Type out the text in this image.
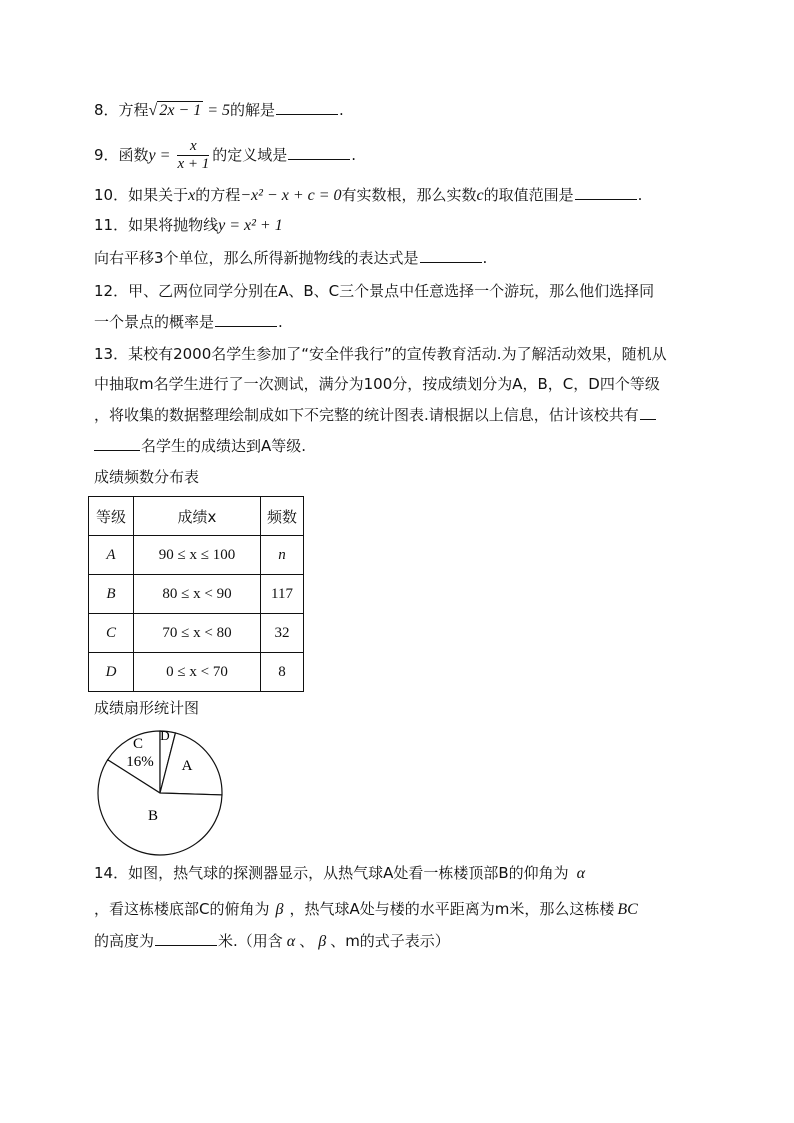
8．方程√ 2x − 1 = 5的解是	.
9．函数$y = \frac{x}{x + 1}$ 的定义域是	.
10．如果关于x的方程−x² − x + c = 0有实数根，那么实数c的取值范围是	.
11．如果将抛物线y = x² + 1
向右平移3个单位，那么所得新抛物线的表达式是	.
12．甲、乙两位同学分别在A、B、C三个景点中任意选择一个游玩，那么他们选择同
一个景点的概率是	.
13．某校有2000名学生参加了“安全伴我行”的宣传教育活动.为了解活动效果，随机从
中抽取m名学生进行了一次测试，满分为100分，按成绩划分为A，B，C，D四个等级
，将收集的数据整理绘制成如下不完整的统计图表.请根据以上信息，估计该校共有
名学生的成绩达到A等级.
成绩频数分布表
等级	成绩x	频数
A	90 ≤ x ≤ 100	n
B	80 ≤ x < 90	117
C	70 ≤ x < 80	32
D	0 ≤ x < 70	8
成绩扇形统计图
C
16%
D
A
B
14．如图，热气球的探测器显示，从热气球A处看一栋楼顶部B的仰角为 α
，看这栋楼底部C的俯角为 β ，热气球A处与楼的水平距离为m米，那么这栋楼 BC
的高度为	米.（用含 α 、 β 、m的式子表示）
